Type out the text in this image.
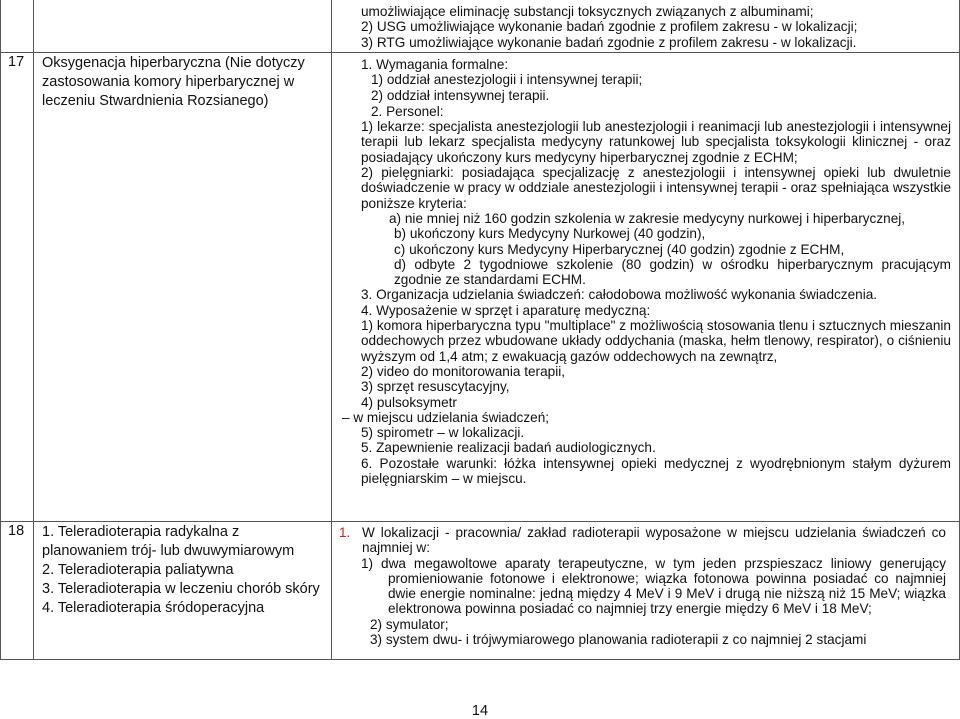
umożliwiające eliminację substancji toksycznych związanych z albuminami;

2) USG umożliwiające wykonanie badań zgodnie z profilem zakresu - w lokalizacji;

3) RTG umożliwiające wykonanie badań zgodnie z profilem zakresu - w lokalizacji.

17 Oksygenacja hiperbaryczna (Nie dotyczy zastosowania komory hiperbarycznej w leczeniu Stwardnienia Rozsianego)

1. Wymagania formalne:

1) oddział anestezjologii i intensywnej terapii;

2) oddział intensywnej terapii.

2. Personel:

1) lekarze: specjalista anestezjologii lub anestezjologii i reanimacji lub anestezjologii i intensywnej terapii lub lekarz specjalista medycyny ratunkowej lub specjalista toksykologii klinicznej - oraz posiadający ukończony kurs medycyny hiperbarycznej zgodnie z ECHM;

2) pielęgniarki: posiadająca specjalizację z anestezjologii i intensywnej opieki lub dwuletnie doświadczenie w pracy w oddziale anestezjologii i intensywnej terapii - oraz spełniająca wszystkie poniższe kryteria:

a) nie mniej niż 160 godzin szkolenia w zakresie medycyny nurkowej i hiperbarycznej,

b) ukończony kurs Medycyny Nurkowej (40 godzin),

c) ukończony kurs Medycyny Hiperbarycznej (40 godzin) zgodnie z ECHM,

d) odbyte 2 tygodniowe szkolenie (80 godzin) w ośrodku hiperbarycznym pracującym zgodnie ze standardami ECHM.

3. Organizacja udzielania świadczeń: całodobowa możliwość wykonania świadczenia.

4. Wyposażenie w sprzęt i aparaturę medyczną:

1) komora hiperbaryczna typu "multiplace" z możliwością stosowania tlenu i sztucznych mieszanin oddechowych przez wbudowane układy oddychania (maska, hełm tlenowy, respirator), o ciśnieniu wyższym od 1,4 atm; z ewakuacją gazów oddechowych na zewnątrz,

2) video do monitorowania terapii,

3) sprzęt resuscytacyjny,

4) pulsoksymetr

– w miejscu udzielania świadczeń;

5) spirometr – w lokalizacji.

5. Zapewnienie realizacji badań audiologicznych.

6. Pozostałe warunki: łóżka intensywnej opieki medycznej z wyodrębnionym stałym dyżurem pielęgniarskim – w miejscu.

18 1. Teleradioterapia radykalna z planowaniem trój- lub dwuwymiarowym
2. Teleradioterapia paliatywna
3. Teleradioterapia w leczeniu chorób skóry
4. Teleradioterapia śródoperacyjna
1. W lokalizacji - pracownia/ zakład radioterapii wyposażone w miejscu udzielania świadczeń co najmniej w:

1) dwa megawoltowe aparaty terapeutyczne, w tym jeden przspieszacz liniowy generujący promieniowanie fotonowe i elektronowe; wiązka fotonowa powinna posiadać co najmniej dwie energie nominalne: jedną między 4 MeV i 9 MeV i drugą nie niższą niż 15 MeV; wiązka elektronowa powinna posiadać co najmniej trzy energie między 6 MeV i 18 MeV;

2) symulator;

3) system dwu- i trójwymiarowego planowania radioterapii z co najmniej 2 stacjami

14
